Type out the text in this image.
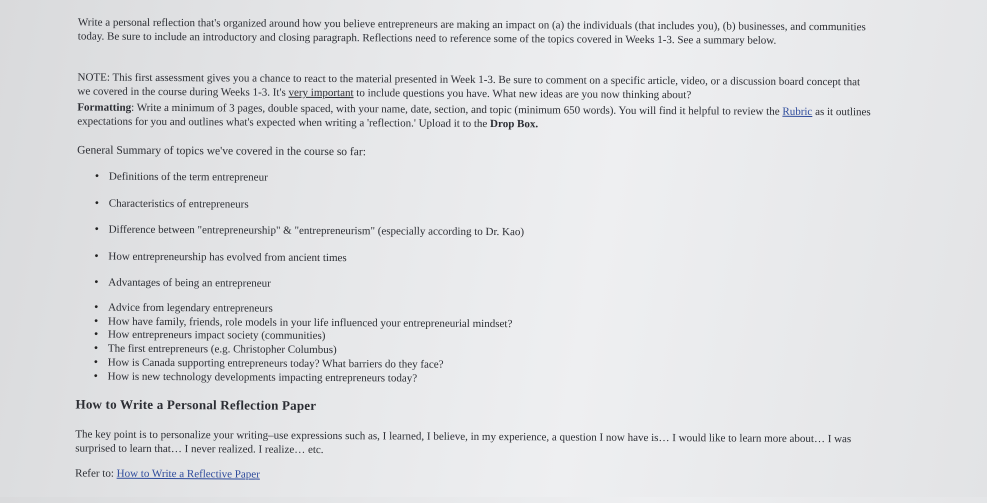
Write a personal reflection that's organized around how you believe entrepreneurs are making an impact on (a) the individuals (that includes you), (b) businesses, and communities
today. Be sure to include an introductory and closing paragraph. Reflections need to reference some of the topics covered in Weeks 1-3. See a summary below.
NOTE: This first assessment gives you a chance to react to the material presented in Week 1-3. Be sure to comment on a specific article, video, or a discussion board concept that
we covered in the course during Weeks 1-3. It's very important to include questions you have. What new ideas are you now thinking about?
Formatting: Write a minimum of 3 pages, double spaced, with your name, date, section, and topic (minimum 650 words). You will find it helpful to review the Rubric as it outlines
expectations for you and outlines what's expected when writing a 'reflection.' Upload it to the Drop Box.
General Summary of topics we've covered in the course so far:
• Definitions of the term entrepreneur
• Characteristics of entrepreneurs
• Difference between "entrepreneurship" & "entrepreneurism" (especially according to Dr. Kao)
• How entrepreneurship has evolved from ancient times
• Advantages of being an entrepreneur
• Advice from legendary entrepreneurs
• How have family, friends, role models in your life influenced your entrepreneurial mindset?
• How entrepreneurs impact society (communities)
• The first entrepreneurs (e.g. Christopher Columbus)
• How is Canada supporting entrepreneurs today? What barriers do they face?
• How is new technology developments impacting entrepreneurs today?
How to Write a Personal Reflection Paper
The key point is to personalize your writing–use expressions such as, I learned, I believe, in my experience, a question I now have is… I would like to learn more about… I was
surprised to learn that… I never realized. I realize… etc.
Refer to: How to Write a Reflective Paper
